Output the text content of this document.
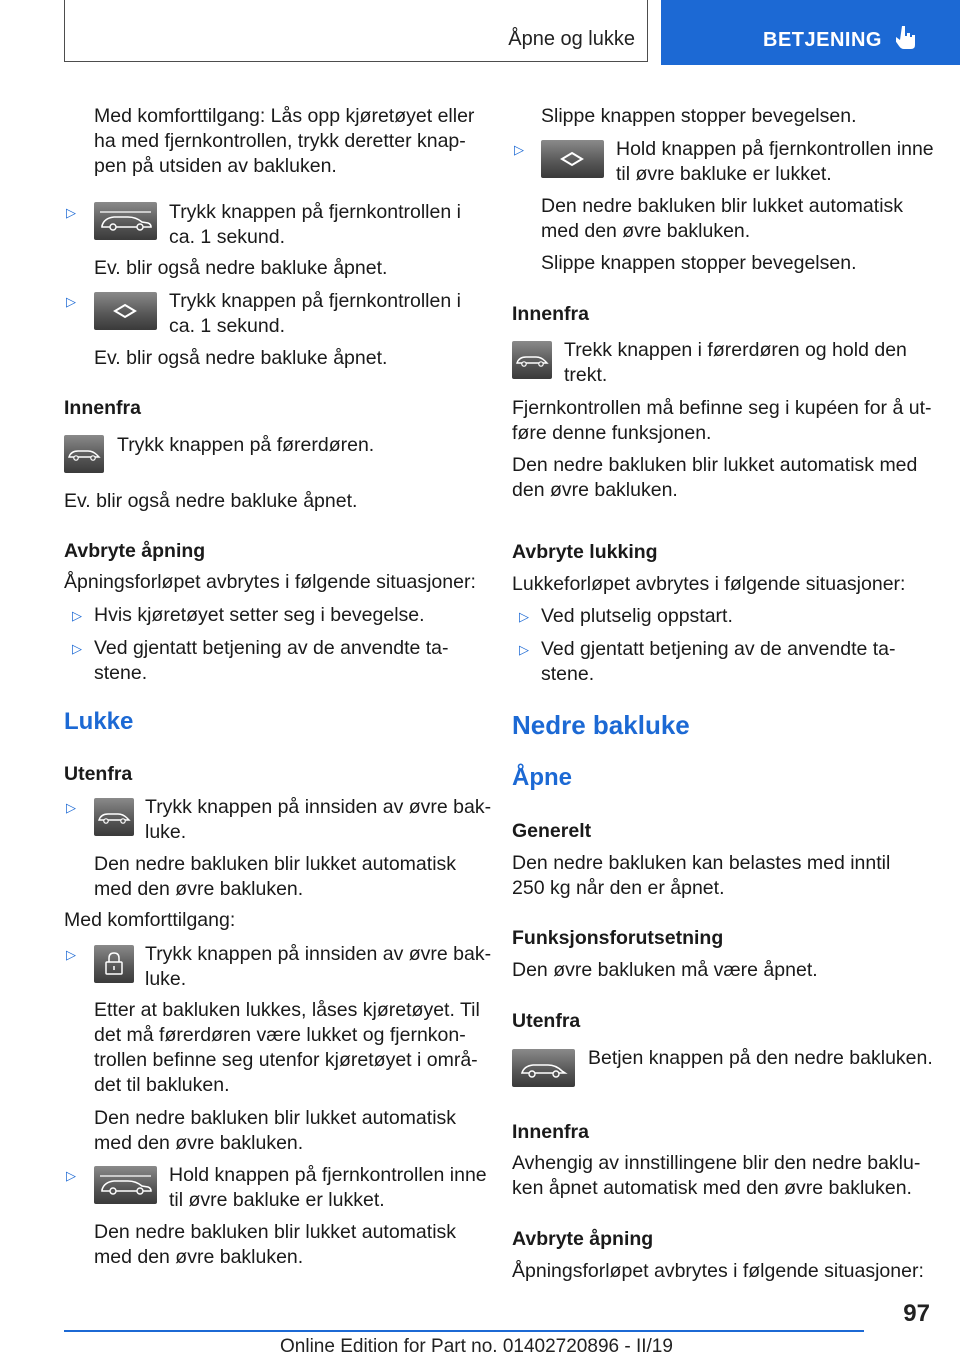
Åpne og lukke	BETJENING
Med komforttilgang: Lås opp kjøretøyet eller
ha med fjernkontrollen, trykk deretter knap-
pen på utsiden av bakluken.
▷	Trykk knappen på fjernkontrollen i
ca. 1 sekund.
Ev. blir også nedre bakluke åpnet.
▷	Trykk knappen på fjernkontrollen i
ca. 1 sekund.
Ev. blir også nedre bakluke åpnet.
Innenfra
Trykk knappen på førerdøren.
Ev. blir også nedre bakluke åpnet.
Avbryte åpning
Åpningsforløpet avbrytes i følgende situasjoner:
▷ Hvis kjøretøyet setter seg i bevegelse.
▷ Ved gjentatt betjening av de anvendte ta-
stene.
Lukke
Utenfra
▷	Trykk knappen på innsiden av øvre bak-
luke.
Den nedre bakluken blir lukket automatisk
med den øvre bakluken.
Med komforttilgang:
▷	Trykk knappen på innsiden av øvre bak-
luke.
Etter at bakluken lukkes, låses kjøretøyet. Til
det må førerdøren være lukket og fjernkon-
trollen befinne seg utenfor kjøretøyet i områ-
det til bakluken.
Den nedre bakluken blir lukket automatisk
med den øvre bakluken.
▷	Hold knappen på fjernkontrollen inne
til øvre bakluke er lukket.
Den nedre bakluken blir lukket automatisk
med den øvre bakluken.
Slippe knappen stopper bevegelsen.
▷	Hold knappen på fjernkontrollen inne
til øvre bakluke er lukket.
Den nedre bakluken blir lukket automatisk
med den øvre bakluken.
Slippe knappen stopper bevegelsen.
Innenfra
Trekk knappen i førerdøren og hold den
trekt.
Fjernkontrollen må befinne seg i kupéen for å ut-
føre denne funksjonen.
Den nedre bakluken blir lukket automatisk med
den øvre bakluken.
Avbryte lukking
Lukkeforløpet avbrytes i følgende situasjoner:
▷ Ved plutselig oppstart.
▷ Ved gjentatt betjening av de anvendte ta-
stene.
Nedre bakluke
Åpne
Generelt
Den nedre bakluken kan belastes med inntil
250 kg når den er åpnet.
Funksjonsforutsetning
Den øvre bakluken må være åpnet.
Utenfra
Betjen knappen på den nedre bakluken.
Innenfra
Avhengig av innstillingene blir den nedre baklu-
ken åpnet automatisk med den øvre bakluken.
Avbryte åpning
Åpningsforløpet avbrytes i følgende situasjoner:
97
Online Edition for Part no. 01402720896 - II/19
